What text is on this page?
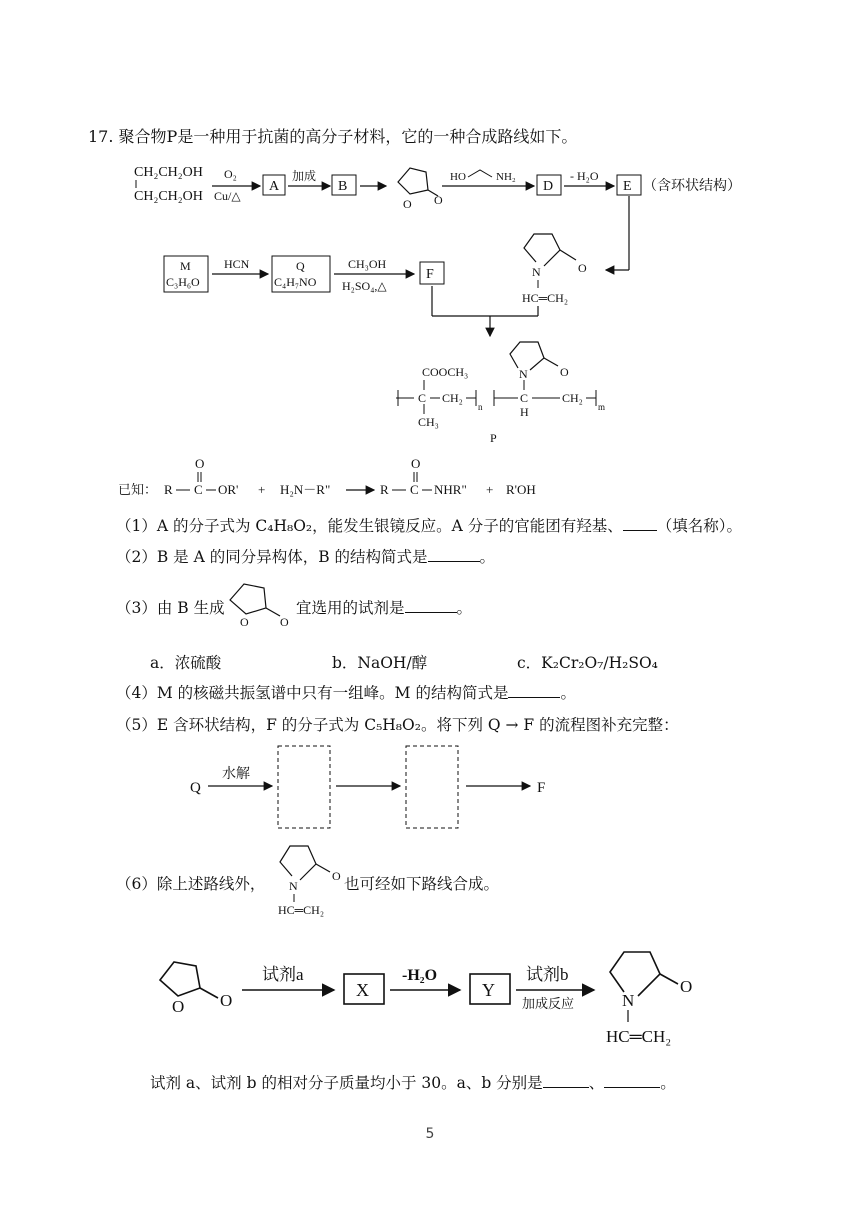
17. 聚合物P是一种用于抗菌的高分子材料，它的一种合成路线如下。
CH₂CH₂OH
CH₂CH₂OH
O₂
Cu/△
A
加成
B
O O
HO	NH₂
D
- H₂O
E （含环状结构）
M
C₃H₆O
HCN	Q
C₄H₇NO
CH₃OH
H₂SO₄,△
F	O
N
HC═CH₂
COOCH₃
C CH₂
n
CH₃
C
H
CH₂
m
N	O
P
已知： R C
O
OR' + H₂N－R"	R C
O
NHR" + R'OH
（1）A 的分子式为 C₄H₈O₂，能发生银镜反应。A 分子的官能团有羟基、 （填名称）。
（2）B 是 A 的同分异构体，B 的结构简式是	。
（3）由 B 生成
O	O
宜选用的试剂是	。
a．浓硫酸	b．NaOH/醇	c．K₂Cr₂O₇/H₂SO₄
（4）M 的核磁共振氢谱中只有一组峰。M 的结构简式是	。
（5）E 含环状结构，F 的分子式为 C₅H₈O₂。将下列 Q → F 的流程图补充完整：
Q
水解
F
（6）除上述路线外，	O
N
HC═CH₂
也可经如下路线合成。
O O
试剂a
X
-H₂O
Y
试剂b
加成反应
O
N
HC═CH₂
试剂 a、试剂 b 的相对分子质量均小于 30。a、b 分别是	、	。
5
